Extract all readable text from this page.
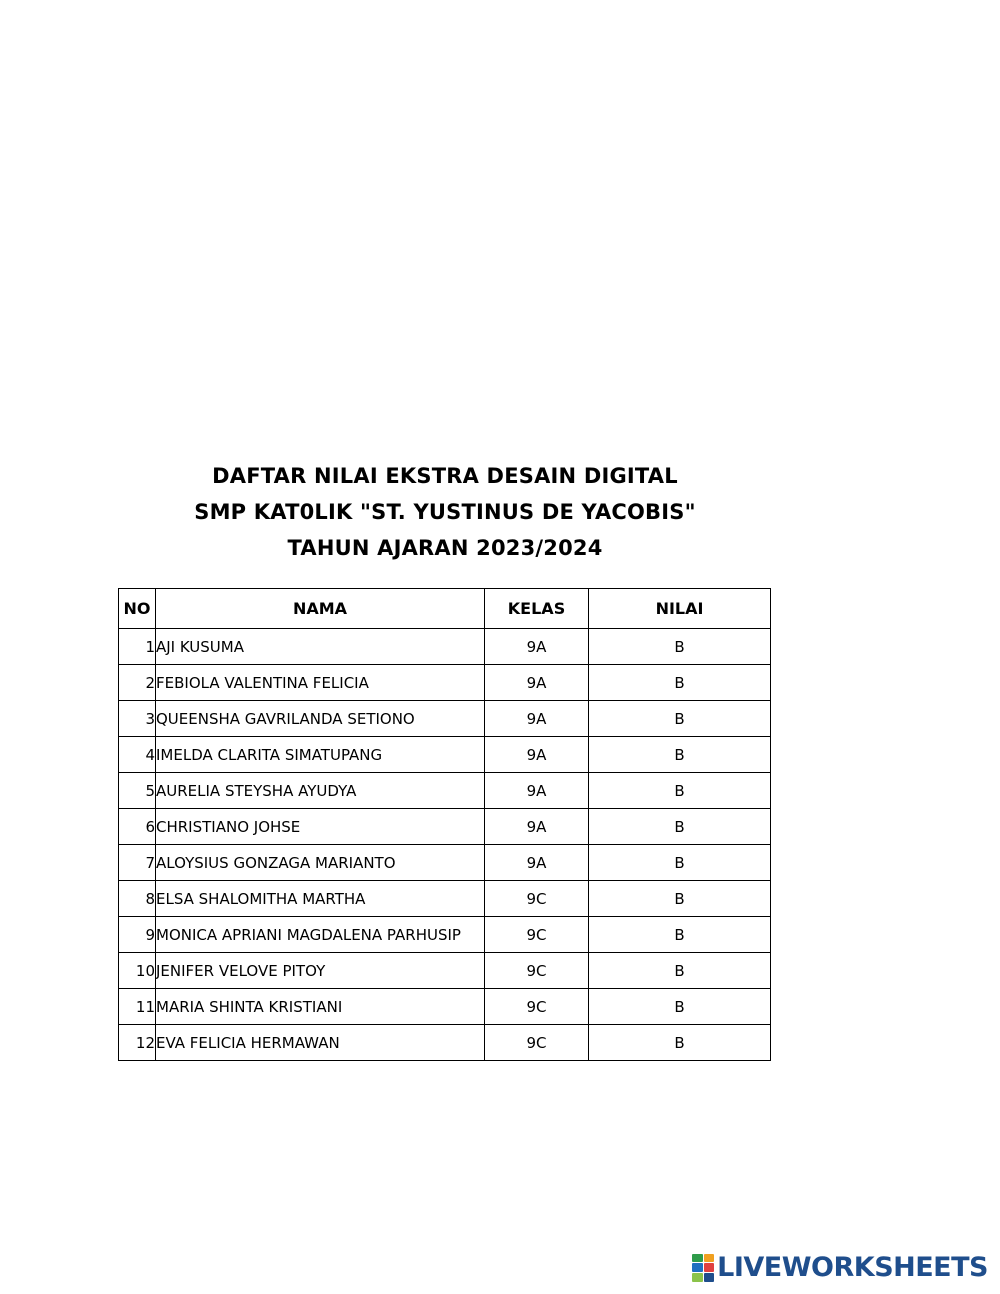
DAFTAR NILAI EKSTRA DESAIN DIGITAL
SMP KAT0LIK "ST. YUSTINUS DE YACOBIS"
TAHUN AJARAN 2023/2024
NO	NAMA	KELAS	NILAI
1	AJI KUSUMA	9A	B
2	FEBIOLA VALENTINA FELICIA	9A	B
3	QUEENSHA GAVRILANDA SETIONO	9A	B
4	IMELDA CLARITA SIMATUPANG	9A	B
5	AURELIA STEYSHA AYUDYA	9A	B
6	CHRISTIANO JOHSE	9A	B
7	ALOYSIUS GONZAGA MARIANTO	9A	B
8	ELSA SHALOMITHA MARTHA	9C	B
9	MONICA APRIANI MAGDALENA PARHUSIP	9C	B
10	JENIFER VELOVE PITOY	9C	B
11	MARIA SHINTA KRISTIANI	9C	B
12	EVA FELICIA HERMAWAN	9C	B
LIVEWORKSHEETS
